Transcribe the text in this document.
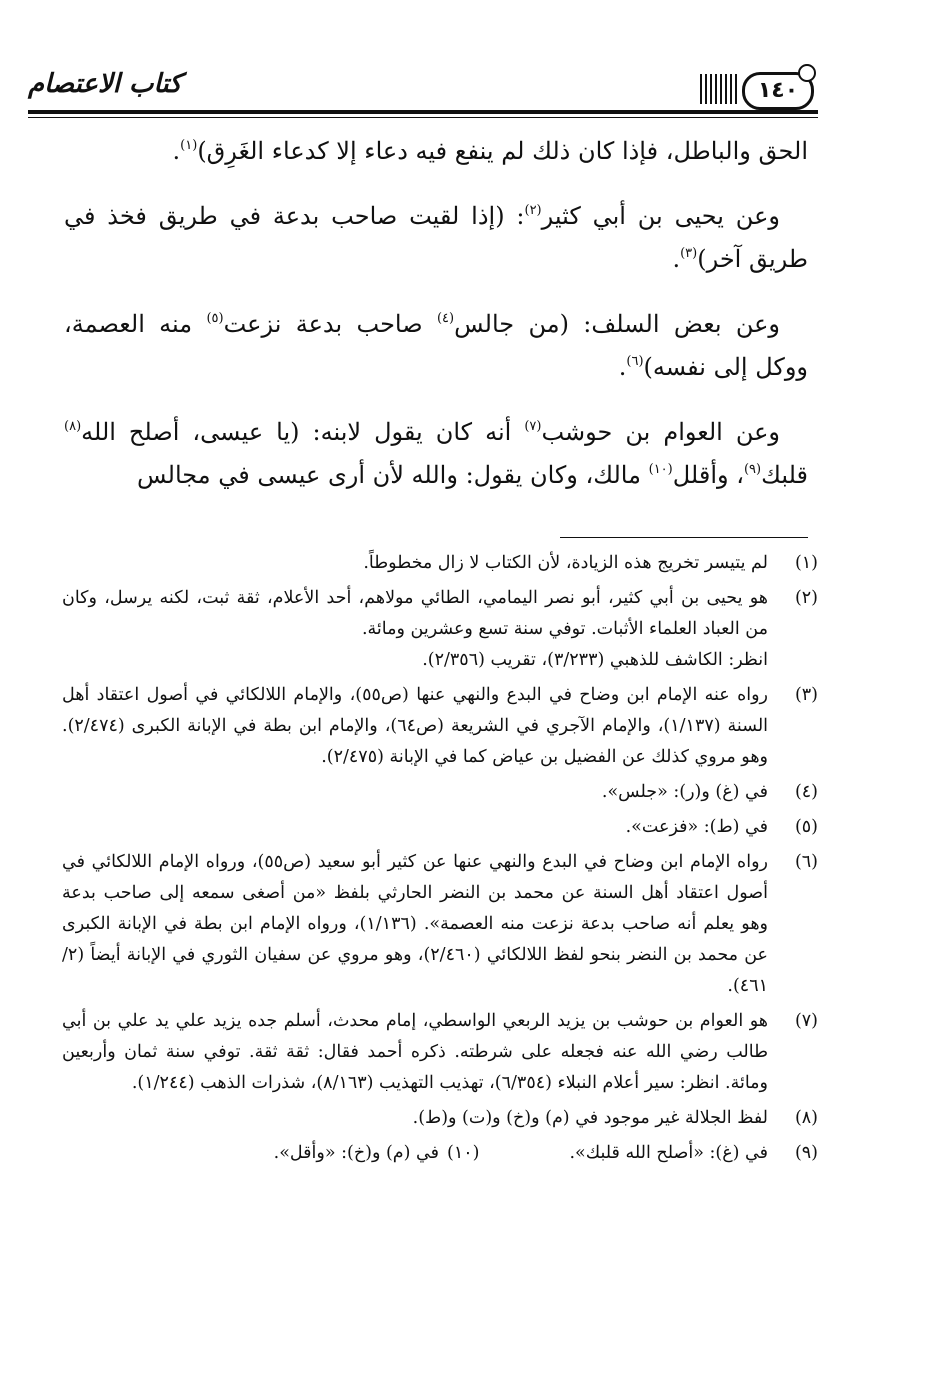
كتاب الاعتصام	١٤٠

الحق والباطل، فإذا كان ذلك لم ينفع فيه دعاء إلا كدعاء الغَرِق)$^{(١)}$.

وعن يحيى بن أبي كثير$^{(٢)}$: (إذا لقيت صاحب بدعة في طريق فخذ في طريق آخر)$^{(٣)}$.

وعن بعض السلف: (من جالس$^{(٤)}$ صاحب بدعة نزعت$^{(٥)}$ منه العصمة، ووكل إلى نفسه)$^{(٦)}$.

وعن العوام بن حوشب$^{(٧)}$ أنه كان يقول لابنه: (يا عيسى، أصلح الله$^{(٨)}$ قلبك$^{(٩)}$، وأقلل$^{(١٠)}$ مالك، وكان يقول: والله لأن أرى عيسى في مجالس

(١)
لم يتيسر تخريج هذه الزيادة، لأن الكتاب لا زال مخطوطاً.
(٢)
هو يحيى بن أبي كثير، أبو نصر اليمامي، الطائي مولاهم، أحد الأعلام، ثقة ثبت، لكنه يرسل، وكان من العباد العلماء الأثبات. توفي سنة تسع وعشرين ومائة.
انظر: الكاشف للذهبي (٣/٢٣٣)، تقريب (٢/٣٥٦).
(٣)
رواه عنه الإمام ابن وضاح في البدع والنهي عنها (ص٥٥)، والإمام اللالكائي في أصول اعتقاد أهل السنة (١/١٣٧)، والإمام الآجري في الشريعة (ص٦٤)، والإمام ابن بطة في الإبانة الكبرى (٢/٤٧٤). وهو مروي كذلك عن الفضيل بن عياض كما في الإبانة (٢/٤٧٥).
(٤)
في (غ) و(ر): «جلس».
(٥)
في (ط): «فزعت».
(٦)
رواه الإمام ابن وضاح في البدع والنهي عنها عن كثير أبو سعيد (ص٥٥)، ورواه الإمام اللالكائي في أصول اعتقاد أهل السنة عن محمد بن النضر الحارثي بلفظ «من أصغى سمعه إلى صاحب بدعة وهو يعلم أنه صاحب بدعة نزعت منه العصمة». (١/١٣٦)، ورواه الإمام ابن بطة في الإبانة الكبرى عن محمد بن النضر بنحو لفظ اللالكائي (٢/٤٦٠)، وهو مروي عن سفيان الثوري في الإبانة أيضاً (٢/ ٤٦١).
(٧)
هو العوام بن حوشب بن يزيد الربعي الواسطي، إمام محدث، أسلم جده يزيد علي يد علي بن أبي طالب رضي الله عنه فجعله على شرطته. ذكره أحمد فقال: ثقة ثقة. توفي سنة ثمان وأربعين ومائة. انظر: سير أعلام النبلاء (٦/٣٥٤)، تهذيب التهذيب (٨/١٦٣)، شذرات الذهب (١/٢٤٤).
(٨)
لفظ الجلالة غير موجود في (م) و(خ) و(ت) و(ط).
(٩)
في (غ): «أصلح الله قلبك».
(١٠)
في (م) و(خ): «وأقل».
